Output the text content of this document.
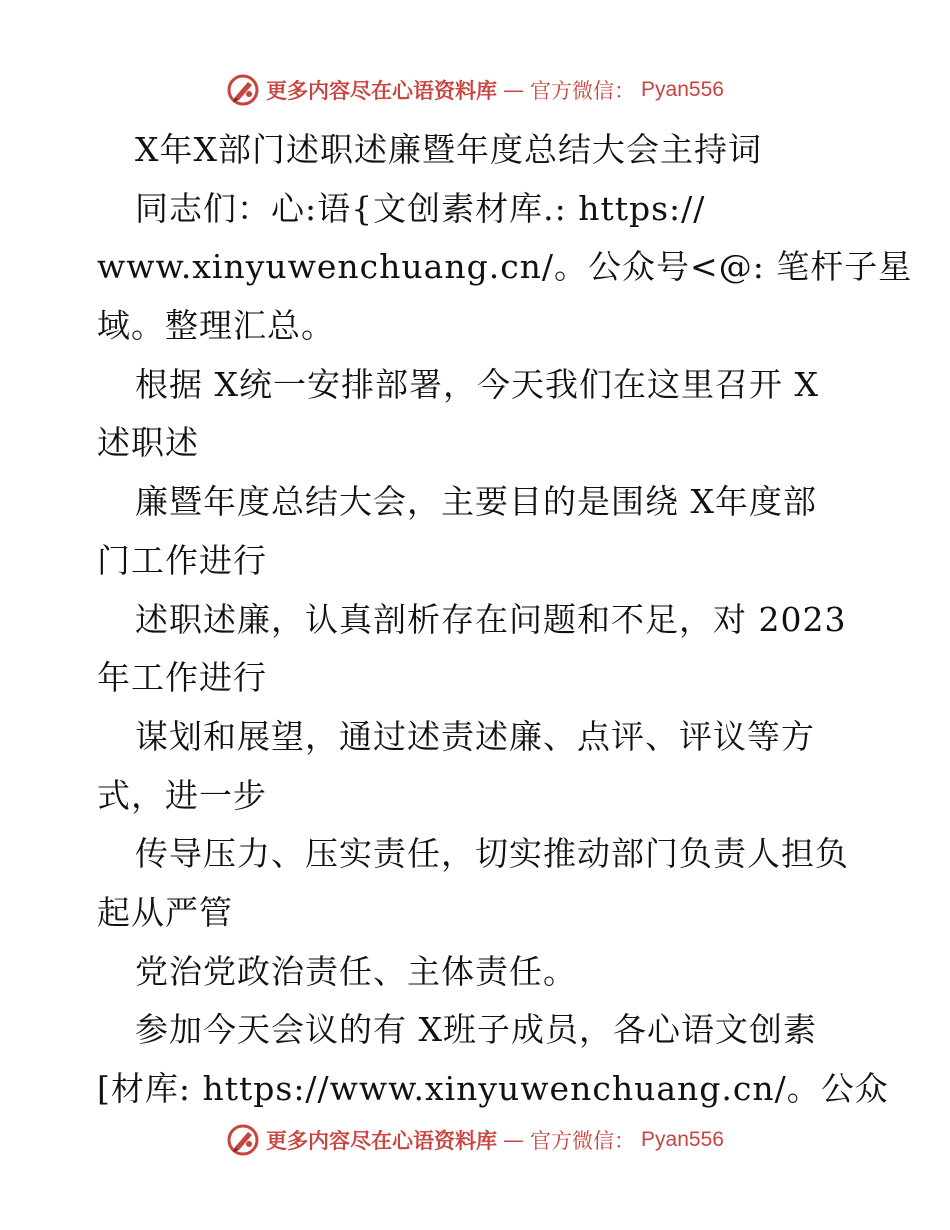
更多内容尽在心语资料库 — 官方微信： Pyan556
X年X部门述职述廉暨年度总结大会主持词
同志们：心:语{文创素材库.: https://
www.xinyuwenchuang.cn/。公众号<@: 笔杆子星
域。整理汇总。
根据 X统一安排部署，今天我们在这里召开 X
述职述
廉暨年度总结大会，主要目的是围绕 X年度部
门工作进行
述职述廉，认真剖析存在问题和不足，对 2023
年工作进行
谋划和展望，通过述责述廉、点评、评议等方
式，进一步
传导压力、压实责任，切实推动部门负责人担负
起从严管
党治党政治责任、主体责任。
参加今天会议的有 X班子成员，各心语文创素
[材库: https://www.xinyuwenchuang.cn/。公众
更多内容尽在心语资料库 — 官方微信： Pyan556
